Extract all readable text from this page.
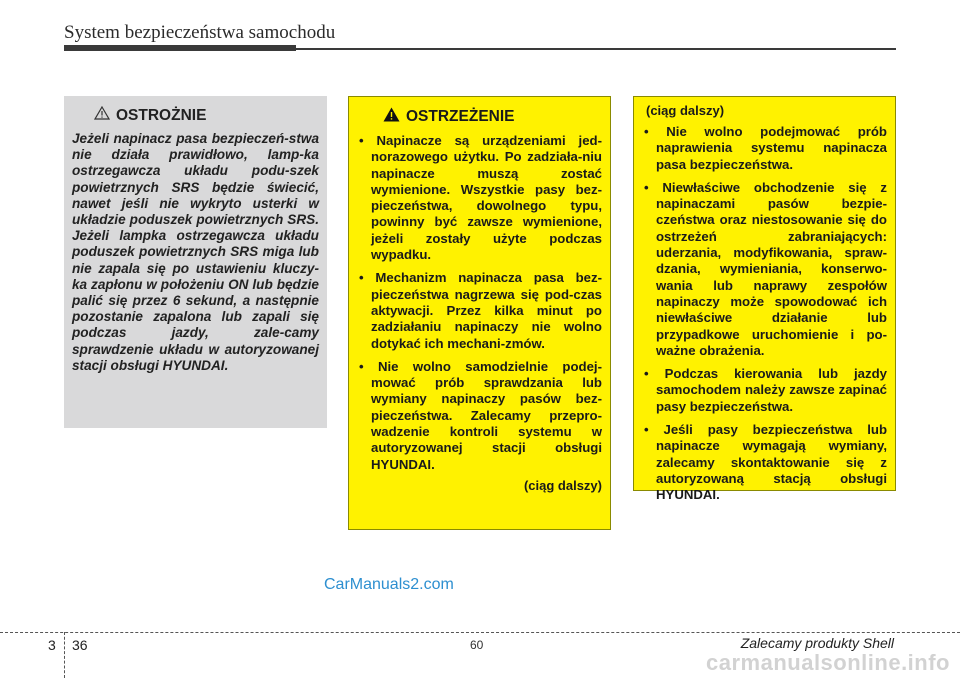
System bezpieczeństwa samochodu
OSTROŻNIE
Jeżeli napinacz pasa bezpieczeń-stwa nie działa prawidłowo, lamp-ka ostrzegawcza układu podu-szek powietrznych SRS będzie świecić, nawet jeśli nie wykryto usterki w układzie poduszek powietrznych SRS. Jeżeli lampka ostrzegawcza układu poduszek powietrznych SRS miga lub nie zapala się po ustawieniu kluczy-ka zapłonu w położeniu ON lub będzie palić się przez 6 sekund, a następnie pozostanie zapalona lub zapali się podczas jazdy, zale-camy sprawdzenie układu w autoryzowanej stacji obsługi HYUNDAI.
OSTRZEŻENIE
• Napinacze są urządzeniami jed-norazowego użytku. Po zadziała-niu napinacze muszą zostać wymienione. Wszystkie pasy bez-pieczeństwa, dowolnego typu, powinny być zawsze wymienione, jeżeli zostały użyte podczas wypadku.
• Mechanizm napinacza pasa bez-pieczeństwa nagrzewa się pod-czas aktywacji. Przez kilka minut po zadziałaniu napinaczy nie wolno dotykać ich mechani-zmów.
• Nie wolno samodzielnie podej-mować prób sprawdzania lub wymiany napinaczy pasów bez-pieczeństwa. Zalecamy przepro-wadzenie kontroli systemu w autoryzowanej stacji obsługi HYUNDAI.
(ciąg dalszy)
(ciąg dalszy)
• Nie wolno podejmować prób naprawienia systemu napinacza pasa bezpieczeństwa.
• Niewłaściwe obchodzenie się z napinaczami pasów bezpie-czeństwa oraz niestosowanie się do ostrzeżeń zabraniających: uderzania, modyfikowania, spraw-dzania, wymieniania, konserwo-wania lub naprawy zespołów napinaczy może spowodować ich niewłaściwe działanie lub przypadkowe uruchomienie i po-ważne obrażenia.
• Podczas kierowania lub jazdy samochodem należy zawsze zapinać pasy bezpieczeństwa.
• Jeśli pasy bezpieczeństwa lub napinacze wymagają wymiany, zalecamy skontaktowanie się z autoryzowaną stacją obsługi HYUNDAI.
CarManuals2.com
3 36	60	Zalecamy produkty Shell
carmanualsonline.info
